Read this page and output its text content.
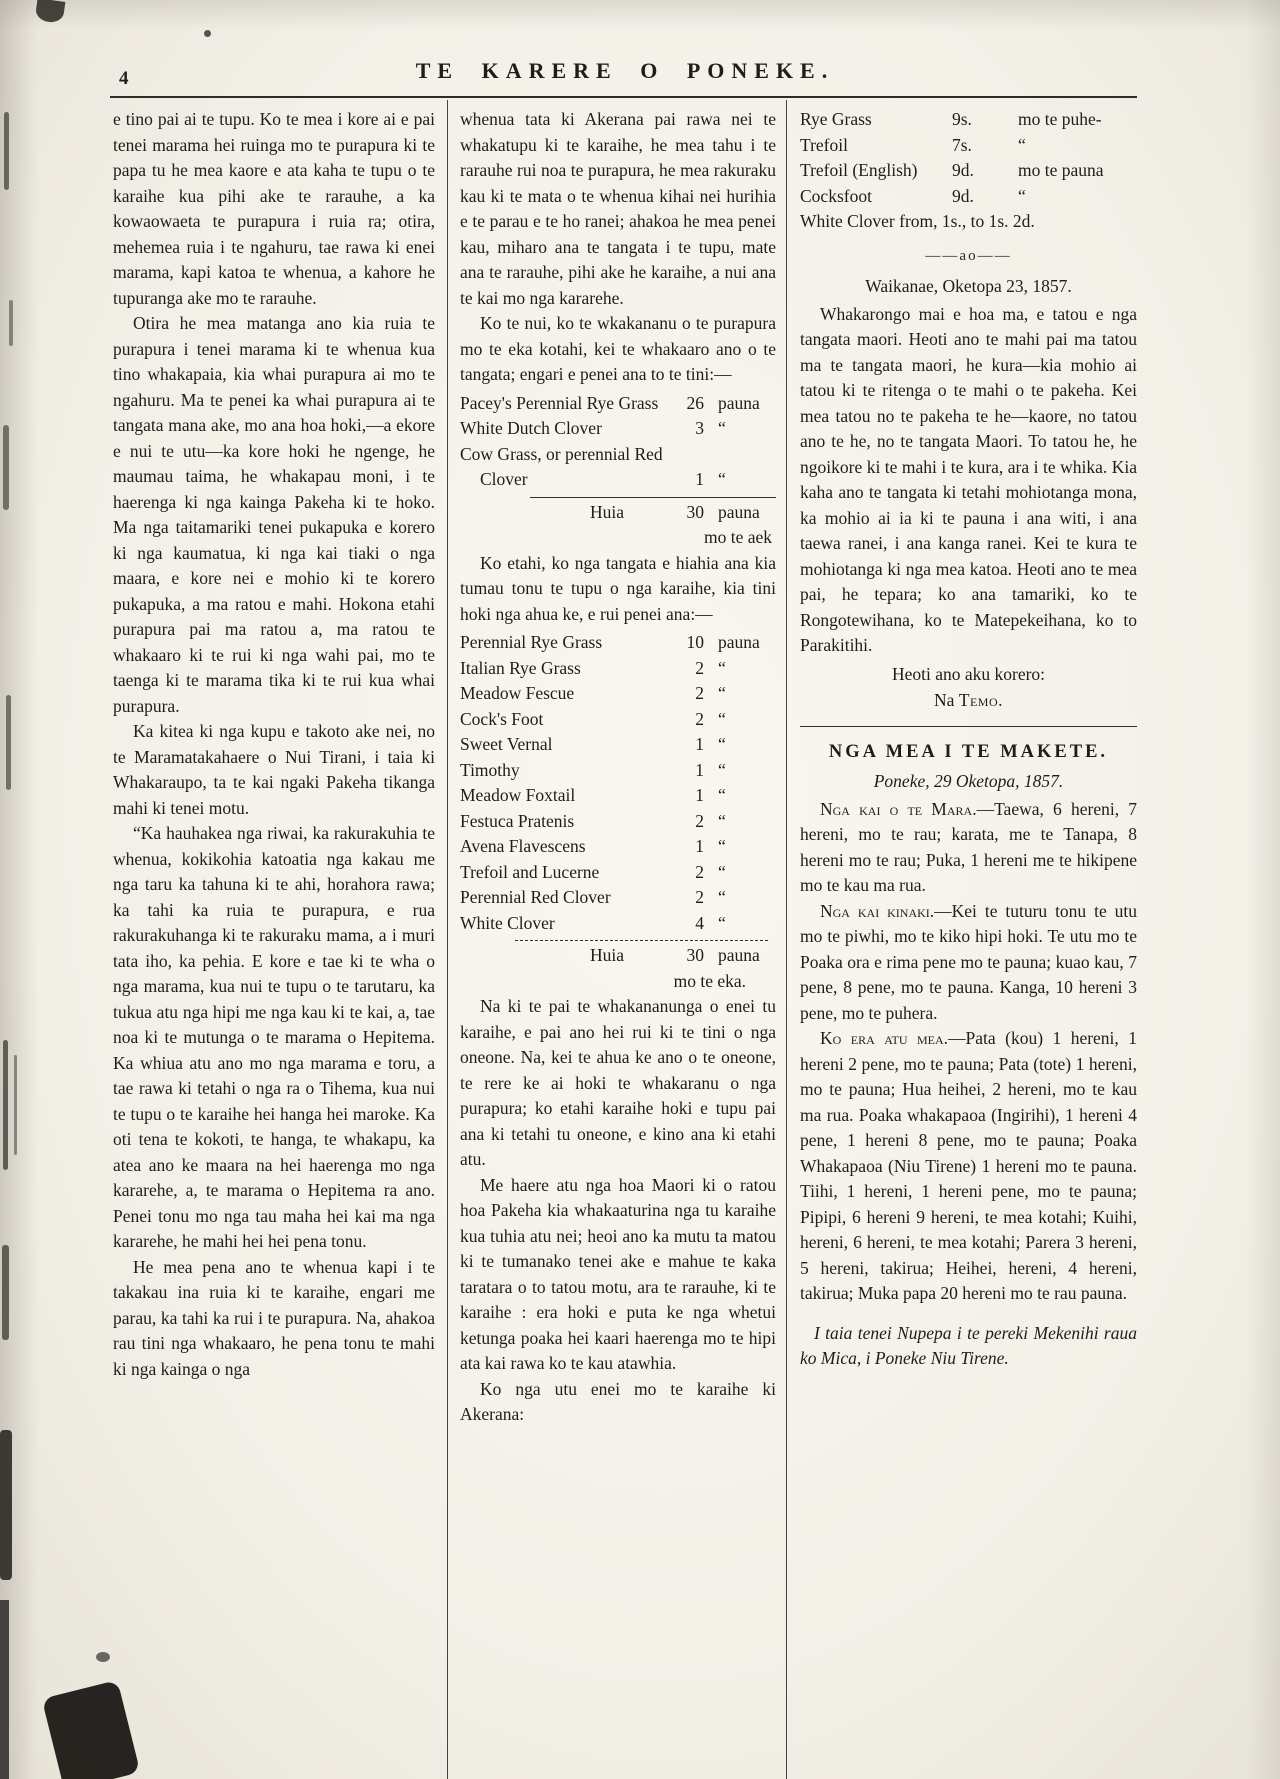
4	TE KARERE O PONEKE.

e tino pai ai te tupu. Ko te mea i kore ai e pai tenei marama hei ruinga mo te purapura ki te papa tu he mea kaore e ata kaha te tupu o te karaihe kua pihi ake te rarauhe, a ka kowaowaeta te purapura i ruia ra; otira, mehemea ruia i te ngahuru, tae rawa ki enei marama, kapi katoa te whenua, a kahore he tupuranga ake mo te rarauhe.

Otira he mea matanga ano kia ruia te purapura i tenei marama ki te whenua kua tino whakapaia, kia whai purapura ai mo te ngahuru. Ma te penei ka whai purapura ai te tangata mana ake, mo ana hoa hoki,—a ekore e nui te utu—ka kore hoki he ngenge, he maumau taima, he whakapau moni, i te haerenga ki nga kainga Pakeha ki te hoko. Ma nga taitamariki tenei pukapuka e korero ki nga kaumatua, ki nga kai tiaki o nga maara, e kore nei e mohio ki te korero pukapuka, a ma ratou e mahi. Hokona etahi purapura pai ma ratou a, ma ratou te whakaaro ki te rui ki nga wahi pai, mo te taenga ki te marama tika ki te rui kua whai purapura.

Ka kitea ki nga kupu e takoto ake nei, no te Maramatakahaere o Nui Tirani, i taia ki Whakaraupo, ta te kai ngaki Pakeha tikanga mahi ki tenei motu.

“Ka hauhakea nga riwai, ka rakurakuhia te whenua, kokikohia katoatia nga kakau me nga taru ka tahuna ki te ahi, horahora rawa; ka tahi ka ruia te purapura, e rua rakurakuhanga ki te rakuraku mama, a i muri tata iho, ka pehia. E kore e tae ki te wha o nga marama, kua nui te tupu o te tarutaru, ka tukua atu nga hipi me nga kau ki te kai, a, tae noa ki te mutunga o te marama o Hepitema. Ka whiua atu ano mo nga marama e toru, a tae rawa ki tetahi o nga ra o Tihema, kua nui te tupu o te karaihe hei hanga hei maroke. Ka oti tena te kokoti, te hanga, te whakapu, ka atea ano ke maara na hei haerenga mo nga kararehe, a, te marama o Hepitema ra ano. Penei tonu mo nga tau maha hei kai ma nga kararehe, he mahi hei hei pena tonu.

He mea pena ano te whenua kapi i te takakau ina ruia ki te karaihe, engari me parau, ka tahi ka rui i te purapura. Na, ahakoa rau tini nga whakaaro, he pena tonu te mahi ki nga kainga o nga

whenua tata ki Akerana pai rawa nei te whakatupu ki te karaihe, he mea tahu i te rarauhe rui noa te purapura, he mea rakuraku kau ki te mata o te whenua kihai nei hurihia e te parau e te ho ranei; ahakoa he mea penei kau, miharo ana te tangata i te tupu, mate ana te rarauhe, pihi ake he karaihe, a nui ana te kai mo nga kararehe.

Ko te nui, ko te wkakananu o te purapura mo te eka kotahi, kei te whakaaro ano o te tangata; engari e penei ana to te tini:—

Pacey's Perennial Rye Grass	26 pauna
White Dutch Clover	3 “
Cow Grass, or perennial Red
Clover	1 “
Huia	30 pauna

mo te aek

Ko etahi, ko nga tangata e hiahia ana kia tumau tonu te tupu o nga karaihe, kia tini hoki nga ahua ke, e rui penei ana:—

Perennial Rye Grass	10 pauna
Italian Rye Grass	2 “
Meadow Fescue	2 “
Cock's Foot	2 “
Sweet Vernal	1 “
Timothy	1 “
Meadow Foxtail	1 “
Festuca Pratenis	2 “
Avena Flavescens	1 “
Trefoil and Lucerne	2 “
Perennial Red Clover	2 “
White Clover	4 “
Huia	30 pauna

mo te eka.

Na ki te pai te whakananunga o enei tu karaihe, e pai ano hei rui ki te tini o nga oneone. Na, kei te ahua ke ano o te oneone, te rere ke ai hoki te whakaranu o nga purapura; ko etahi karaihe hoki e tupu pai ana ki tetahi tu oneone, e kino ana ki etahi atu.

Me haere atu nga hoa Maori ki o ratou hoa Pakeha kia whakaaturina nga tu karaihe kua tuhia atu nei; heoi ano ka mutu ta matou ki te tumanako tenei ake e mahue te kaka taratara o to tatou motu, ara te rarauhe, ki te karaihe : era hoki e puta ke nga whetui ketunga poaka hei kaari haerenga mo te hipi ata kai rawa ko te kau atawhia.

Ko nga utu enei mo te karaihe ki Akerana:

Rye Grass	9s.	mo te puhe-
Trefoil	7s.	“
Trefoil (English)	9d.	mo te pauna
Cocksfoot	9d.	“

White Clover from, 1s., to 1s. 2d.

——ao——

Waikanae, Oketopa 23, 1857.

Whakarongo mai e hoa ma, e tatou e nga tangata maori. Heoti ano te mahi pai ma tatou ma te tangata maori, he kura—kia mohio ai tatou ki te ritenga o te mahi o te pakeha. Kei mea tatou no te pakeha te he—kaore, no tatou ano te he, no te tangata Maori. To tatou he, he ngoikore ki te mahi i te kura, ara i te whika. Kia kaha ano te tangata ki tetahi mohiotanga mona, ka mohio ai ia ki te pauna i ana witi, i ana taewa ranei, i ana kanga ranei. Kei te kura te mohiotanga ki nga mea katoa. Heoti ano te mea pai, he tepara; ko ana tamariki, ko te Rongotewihana, ko te Matepekeihana, ko to Parakitihi.

Heoti ano aku korero:

Na Temo.

NGA MEA I TE MAKETE.

Poneke, 29 Oketopa, 1857.

Nga kai o te Mara.—Taewa, 6 hereni, 7 hereni, mo te rau; karata, me te Tanapa, 8 hereni mo te rau; Puka, 1 hereni me te hikipene mo te kau ma rua.

Nga kai kinaki.—Kei te tuturu tonu te utu mo te piwhi, mo te kiko hipi hoki. Te utu mo te Poaka ora e rima pene mo te pauna; kuao kau, 7 pene, 8 pene, mo te pauna. Kanga, 10 hereni 3 pene, mo te puhera.

Ko era atu mea.—Pata (kou) 1 hereni, 1 hereni 2 pene, mo te pauna; Pata (tote) 1 hereni, mo te pauna; Hua heihei, 2 hereni, mo te kau ma rua. Poaka whakapaoa (Ingirihi), 1 hereni 4 pene, 1 hereni 8 pene, mo te pauna; Poaka Whakapaoa (Niu Tirene) 1 hereni mo te pauna. Tiihi, 1 hereni, 1 hereni pene, mo te pauna; Pipipi, 6 hereni 9 hereni, te mea kotahi; Kuihi, hereni, 6 hereni, te mea kotahi; Parera 3 hereni, 5 hereni, takirua; Heihei, hereni, 4 hereni, takirua; Muka papa 20 hereni mo te rau pauna.

I taia tenei Nupepa i te pereki Mekenihi raua ko Mica, i Poneke Niu Tirene.
